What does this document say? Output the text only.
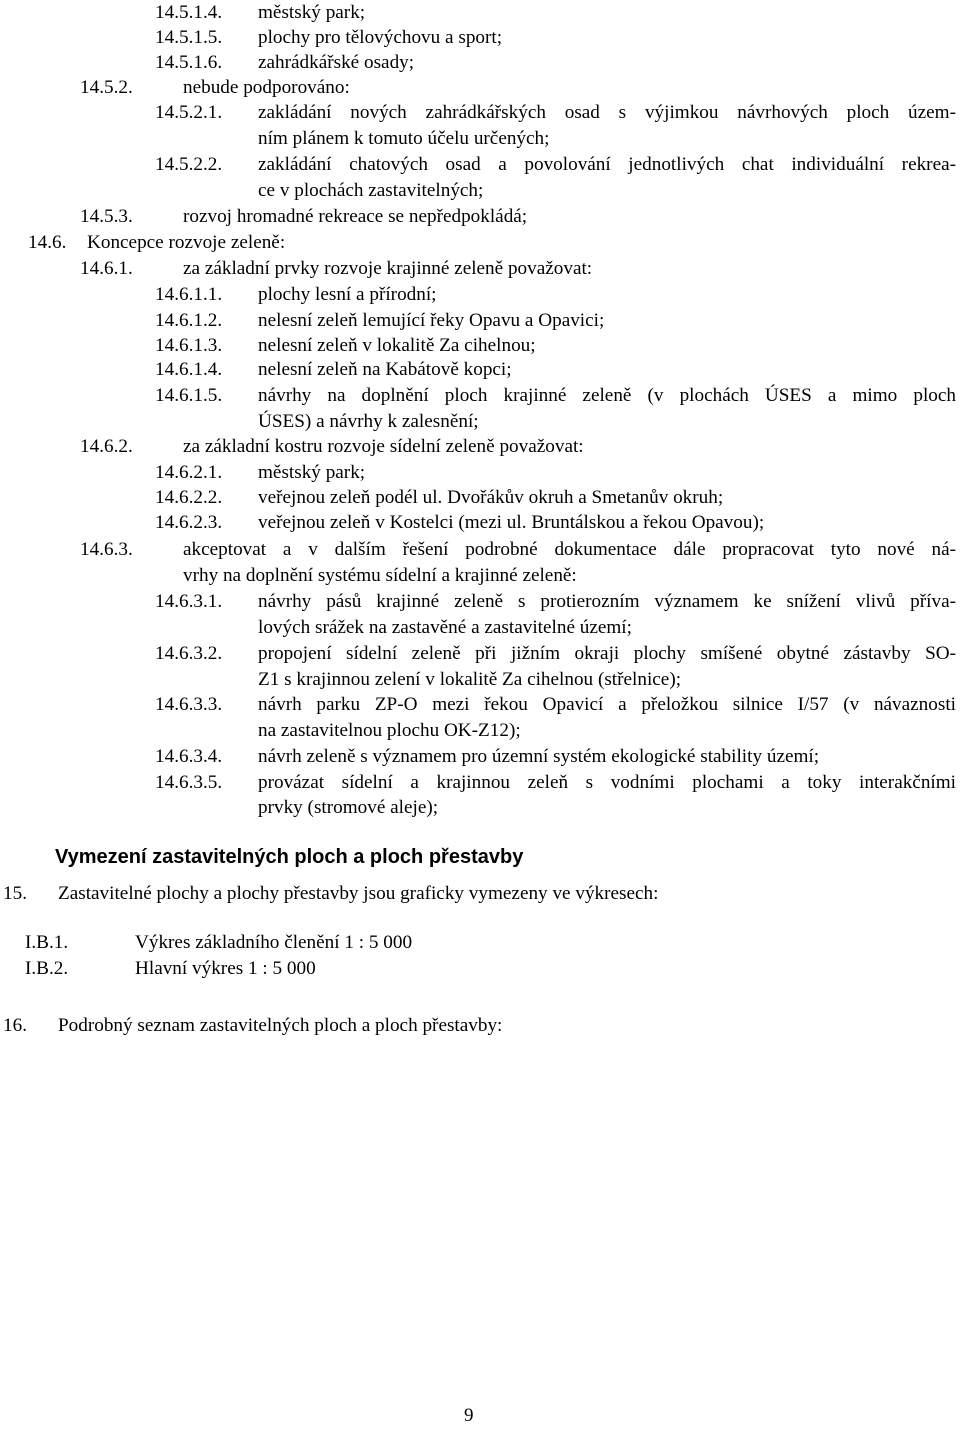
14.5.1.4. městský park;
14.5.1.5. plochy pro tělovýchovu a sport;
14.5.1.6. zahrádkářské osady;
14.5.2.	nebude podporováno:
14.5.2.1. zakládání nových zahrádkářských osad s výjimkou návrhových ploch územ-
ním plánem k tomuto účelu určených;
14.5.2.2. zakládání chatových osad a povolování jednotlivých chat individuální rekrea-
ce v plochách zastavitelných;
14.5.3.	rozvoj hromadné rekreace se nepředpokládá;
14.6. Koncepce rozvoje zeleně:
14.6.1.	za základní prvky rozvoje krajinné zeleně považovat:
14.6.1.1. plochy lesní a přírodní;
14.6.1.2. nelesní zeleň lemující řeky Opavu a Opavici;
14.6.1.3. nelesní zeleň v lokalitě Za cihelnou;
14.6.1.4. nelesní zeleň na Kabátově kopci;
14.6.1.5. návrhy na doplnění ploch krajinné zeleně (v plochách ÚSES a mimo ploch
ÚSES) a návrhy k zalesnění;
14.6.2.	za základní kostru rozvoje sídelní zeleně považovat:
14.6.2.1. městský park;
14.6.2.2. veřejnou zeleň podél ul. Dvořákův okruh a Smetanův okruh;
14.6.2.3. veřejnou zeleň v Kostelci (mezi ul. Bruntálskou a řekou Opavou);
14.6.3.	akceptovat a v dalším řešení podrobné dokumentace dále propracovat tyto nové ná-
vrhy na doplnění systému sídelní a krajinné zeleně:
14.6.3.1. návrhy pásů krajinné zeleně s protierozním významem ke snížení vlivů přívа-
lových srážek na zastavěné a zastavitelné území;
14.6.3.2. propojení sídelní zeleně při jižním okraji plochy smíšené obytné zástavby SO-
Z1 s krajinnou zelení v lokalitě Za cihelnou (střelnice);
14.6.3.3. návrh parku ZP-O mezi řekou Opavicí a přeložkou silnice I/57 (v návaznosti
na zastavitelnou plochu OK-Z12);
14.6.3.4. návrh zeleně s významem pro územní systém ekologické stability území;
14.6.3.5. provázat sídelní a krajinnou zeleň s vodními plochami a toky interakčními
prvky (stromové aleje);
Vymezení zastavitelných ploch a ploch přestavby
15. Zastavitelné plochy a plochy přestavby jsou graficky vymezeny ve výkresech:
I.B.1.	Výkres základního členění 1 : 5 000
I.B.2.	Hlavní výkres 1 : 5 000
16. Podrobný seznam zastavitelných ploch a ploch přestavby:
9
